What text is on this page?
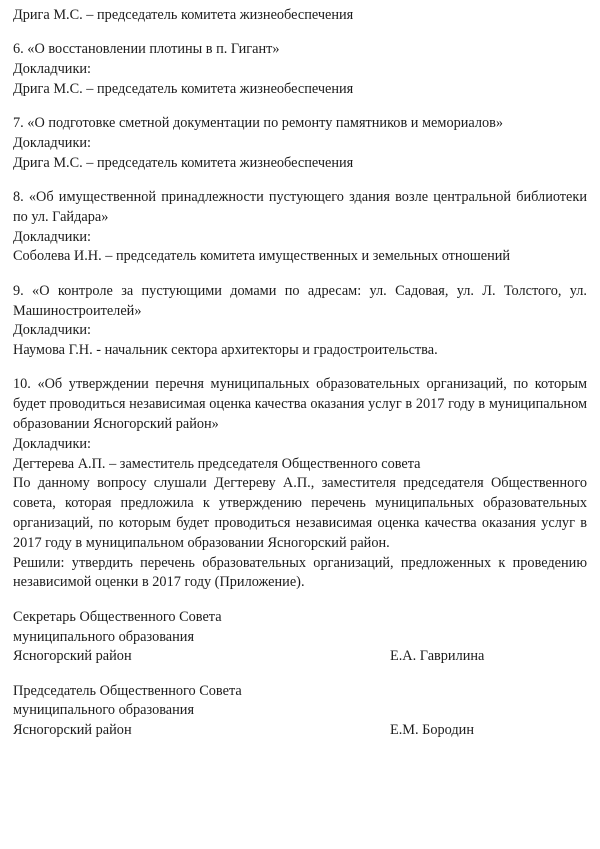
Дрига М.С. – председатель комитета жизнеобеспечения
6. «О восстановлении плотины в п. Гигант»
Докладчики:
Дрига М.С. – председатель комитета жизнеобеспечения
7. «О подготовке сметной документации по ремонту памятников и мемориалов»
Докладчики:
Дрига М.С. – председатель комитета жизнеобеспечения
8. «Об имущественной принадлежности пустующего здания возле центральной библиотеки по ул. Гайдара»
Докладчики:
Соболева И.Н. – председатель комитета имущественных и земельных отношений
9. «О контроле за пустующими домами по адресам: ул. Садовая, ул. Л. Толстого, ул. Машиностроителей»
Докладчики:
Наумова Г.Н. - начальник сектора архитекторы и градостроительства.
10. «Об утверждении перечня муниципальных образовательных организаций, по которым будет проводиться независимая оценка качества оказания услуг в 2017 году в муниципальном образовании Ясногорский район»
Докладчики:
Дегтерева А.П. – заместитель председателя Общественного совета
По данному вопросу слушали Дегтереву А.П., заместителя председателя Общественного совета, которая предложила к утверждению перечень муниципальных образовательных организаций, по которым будет проводиться независимая оценка качества оказания услуг в 2017 году в муниципальном образовании Ясногорский район.
Решили: утвердить перечень образовательных организаций, предложенных к проведению независимой оценки в 2017 году (Приложение).
Секретарь Общественного Совета
муниципального образования
Ясногорский район	Е.А. Гаврилина
Председатель Общественного Совета
муниципального образования
Ясногорский район	Е.М. Бородин
